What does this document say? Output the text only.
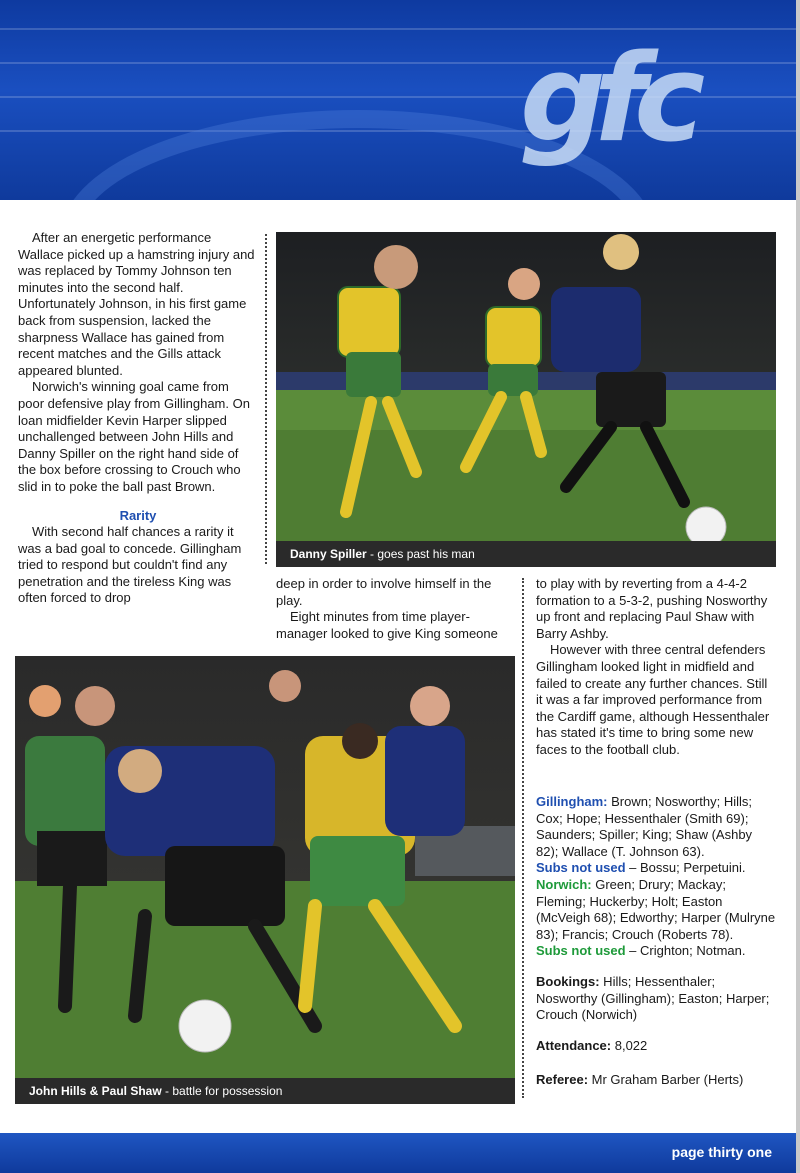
gfc

After an energetic performance Wallace picked up a hamstring injury and was replaced by Tommy Johnson ten minutes into the second half. Unfortunately Johnson, in his first game back from suspension, lacked the sharpness Wallace has gained from recent matches and the Gills attack appeared blunted.

Norwich's winning goal came from poor defensive play from Gillingham. On loan midfielder Kevin Harper slipped unchallenged between John Hills and Danny Spiller on the right hand side of the box before crossing to Crouch who slid in to poke the ball past Brown.

Rarity

With second half chances a rarity it was a bad goal to concede. Gillingham tried to respond but couldn't find any penetration and the tireless King was often forced to drop

Danny Spiller - goes past his man

deep in order to involve himself in the play.

Eight minutes from time player-manager looked to give King someone

John Hills & Paul Shaw - battle for possession

to play with by reverting from a 4-4-2 formation to a 5-3-2, pushing Nosworthy up front and replacing Paul Shaw with Barry Ashby.

However with three central defenders Gillingham looked light in midfield and failed to create any further chances. Still it was a far improved performance from the Cardiff game, although Hessenthaler has stated it's time to bring some new faces to the football club.

Gillingham: Brown; Nosworthy; Hills; Cox; Hope; Hessenthaler (Smith 69); Saunders; Spiller; King; Shaw (Ashby 82); Wallace (T. Johnson 63).

Subs not used – Bossu; Perpetuini.

Norwich: Green; Drury; Mackay; Fleming; Huckerby; Holt; Easton (McVeigh 68); Edworthy; Harper (Mulryne 83); Francis; Crouch (Roberts 78).

Subs not used – Crighton; Notman.

Bookings: Hills; Hessenthaler; Nosworthy (Gillingham); Easton; Harper; Crouch (Norwich)

Attendance: 8,022

Referee: Mr Graham Barber (Herts)

page thirty one
